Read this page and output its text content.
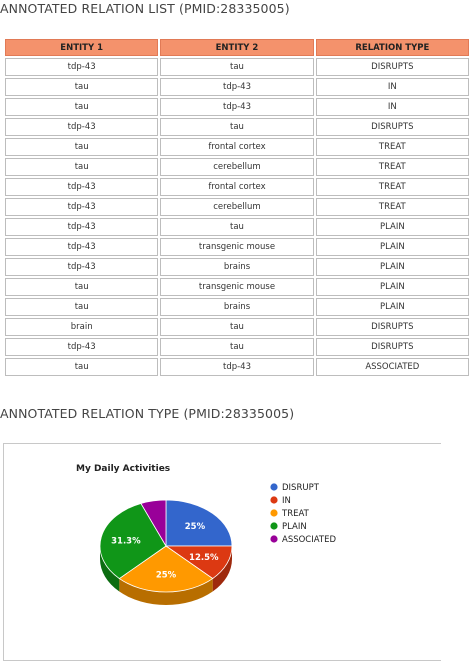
ANNOTATED RELATION LIST (PMID:28335005)
ENTITY 1	ENTITY 2	RELATION TYPE
tdp-43	tau	DISRUPTS
tau	tdp-43	IN
tau	tdp-43	IN
tdp-43	tau	DISRUPTS
tau	frontal cortex	TREAT
tau	cerebellum	TREAT
tdp-43	frontal cortex	TREAT
tdp-43	cerebellum	TREAT
tdp-43	tau	PLAIN
tdp-43	transgenic mouse	PLAIN
tdp-43	brains	PLAIN
tau	transgenic mouse	PLAIN
tau	brains	PLAIN
brain	tau	DISRUPTS
tdp-43	tau	DISRUPTS
tau	tdp-43	ASSOCIATED
ANNOTATED RELATION TYPE (PMID:28335005)
My Daily Activities
25%
12.5%
25%
31.3%
DISRUPT
IN
TREAT
PLAIN
ASSOCIATED
